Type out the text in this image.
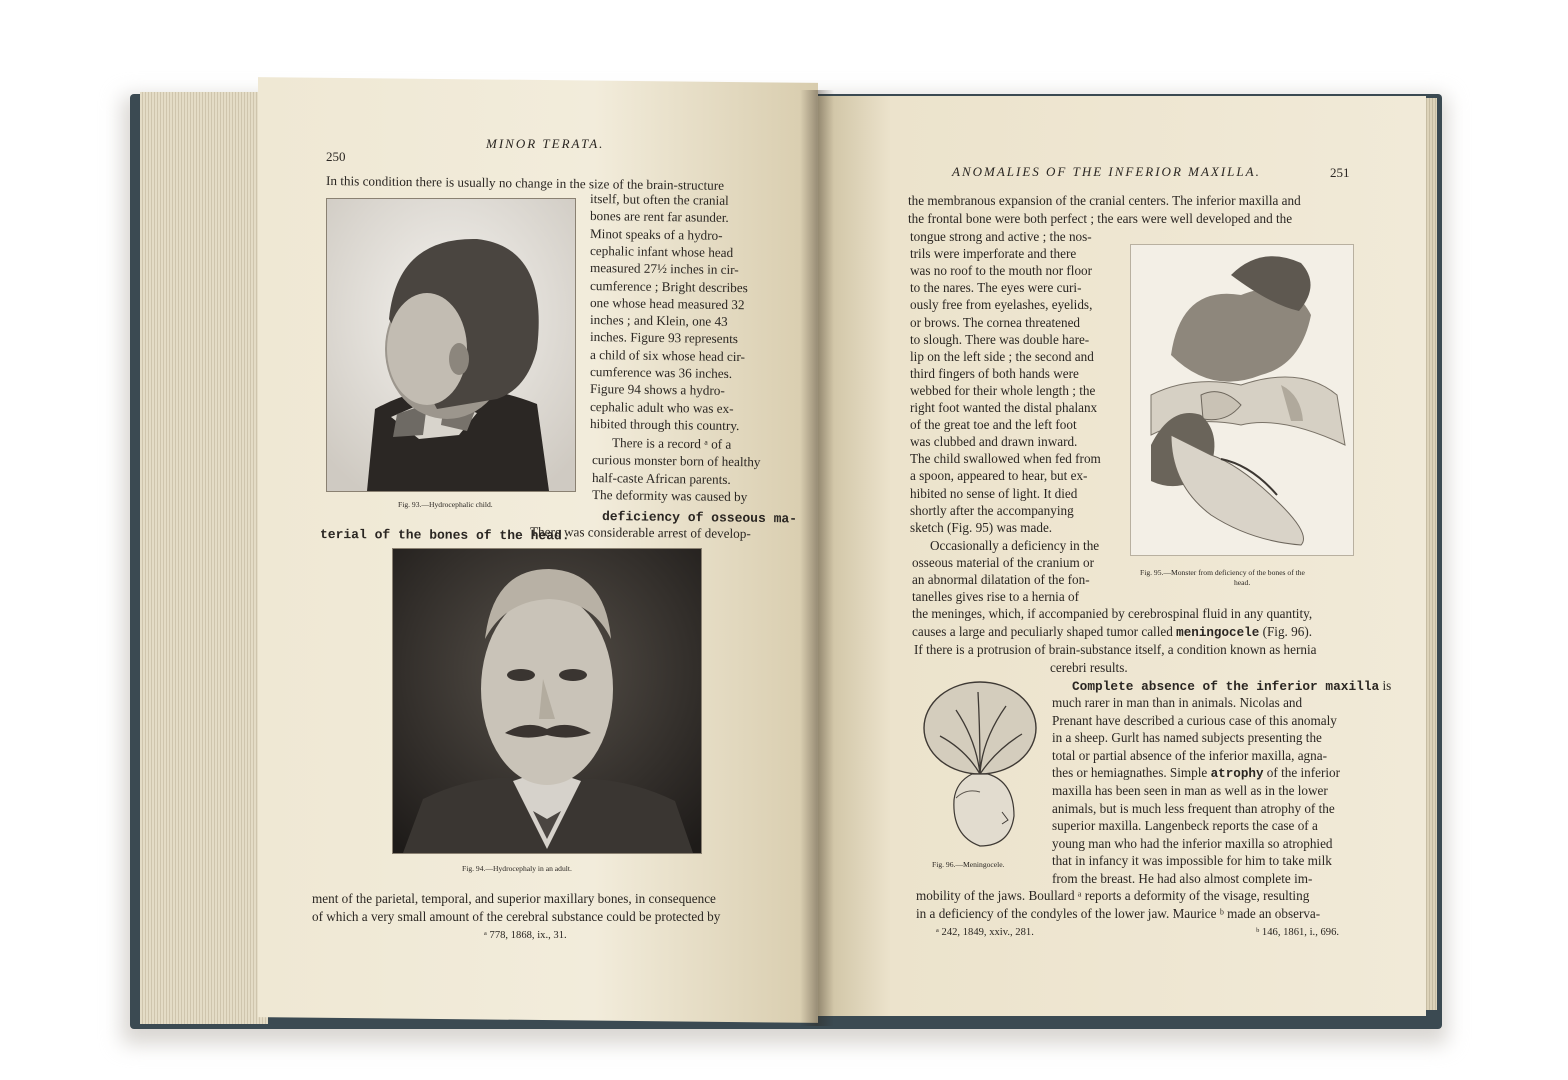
250
MINOR TERATA.
In this condition there is usually no change in the size of the brain-structure
Fig. 93.—Hydrocephalic child.
itself, but often the cranial
bones are rent far asunder.
Minot speaks of a hydro-
cephalic infant whose head
measured 27½ inches in cir-
cumference ; Bright describes
one whose head measured 32
inches ; and Klein, one 43
inches. Figure 93 represents
a child of six whose head cir-
cumference was 36 inches.
Figure 94 shows a hydro-
cephalic adult who was ex-
hibited through this country.
There is a record ᵃ of a
curious monster born of healthy
half-caste African parents.
The deformity was caused by
deficiency of osseous ma-
terial of the bones of the head.
There was considerable arrest of develop-
Fig. 94.—Hydrocephaly in an adult.
ment of the parietal, temporal, and superior maxillary bones, in consequence
of which a very small amount of the cerebral substance could be protected by
ᵃ 778, 1868, ix., 31.
ANOMALIES OF THE INFERIOR MAXILLA.	251
the membranous expansion of the cranial centers. The inferior maxilla and
the frontal bone were both perfect ; the ears were well developed and the
tongue strong and active ; the nos-
trils were imperforate and there
was no roof to the mouth nor floor
to the nares. The eyes were curi-
ously free from eyelashes, eyelids,
or brows. The cornea threatened
to slough. There was double hare-
lip on the left side ; the second and
third fingers of both hands were
webbed for their whole length ; the
right foot wanted the distal phalanx
of the great toe and the left foot
was clubbed and drawn inward.
The child swallowed when fed from
a spoon, appeared to hear, but ex-
hibited no sense of light. It died
shortly after the accompanying
sketch (Fig. 95) was made.
Occasionally a deficiency in the
osseous material of the cranium or
an abnormal dilatation of the fon-
tanelles gives rise to a hernia of
Fig. 95.—Monster from deficiency of the bones of the
head.
the meninges, which, if accompanied by cerebrospinal fluid in any quantity,
causes a large and peculiarly shaped tumor called meningocele (Fig. 96).
If there is a protrusion of brain-substance itself, a condition known as hernia
cerebri results.
Complete absence of the inferior maxilla is
Fig. 96.—Meningocele.
much rarer in man than in animals. Nicolas and
Prenant have described a curious case of this anomaly
in a sheep. Gurlt has named subjects presenting the
total or partial absence of the inferior maxilla, agna-
thes or hemiagnathes. Simple atrophy of the inferior
maxilla has been seen in man as well as in the lower
animals, but is much less frequent than atrophy of the
superior maxilla. Langenbeck reports the case of a
young man who had the inferior maxilla so atrophied
that in infancy it was impossible for him to take milk
from the breast. He had also almost complete im-
mobility of the jaws. Boullard ᵃ reports a deformity of the visage, resulting
in a deficiency of the condyles of the lower jaw. Maurice ᵇ made an observa-
ᵃ 242, 1849, xxiv., 281.	ᵇ 146, 1861, i., 696.
